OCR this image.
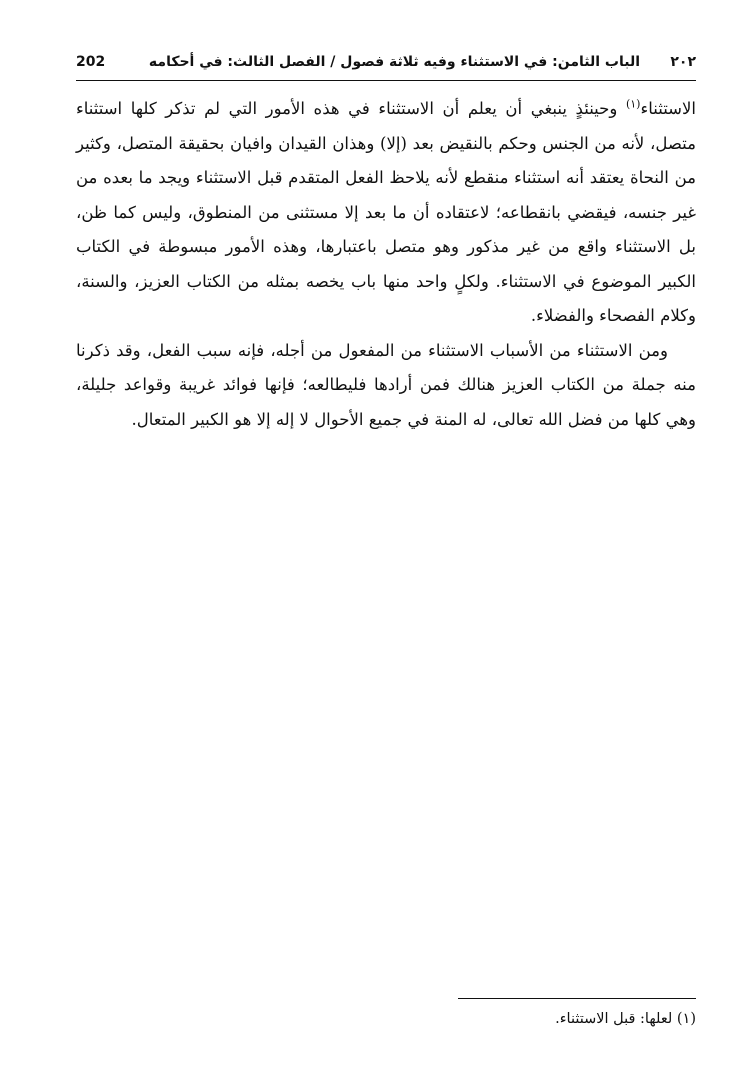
202	الباب الثامن: في الاستثناء وفيه ثلاثة فصول / الفصل الثالث: في أحكامه ٢٠٢

الاستثناء$^{(١)}$ وحينئذٍ ينبغي أن يعلم أن الاستثناء في هذه الأمور التي لم تذكر كلها استثناء متصل، لأنه من الجنس وحكم بالنقيض بعد (إلا) وهذان القيدان وافيان بحقيقة المتصل، وكثير من النحاة يعتقد أنه استثناء منقطع لأنه يلاحظ الفعل المتقدم قبل الاستثناء ويجد ما بعده من غير جنسه، فيقضي بانقطاعه؛ لاعتقاده أن ما بعد إلا مستثنى من المنطوق، وليس كما ظن، بل الاستثناء واقع من غير مذكور وهو متصل باعتبارها، وهذه الأمور مبسوطة في الكتاب الكبير الموضوع في الاستثناء. ولكلٍ واحد منها باب يخصه بمثله من الكتاب العزيز، والسنة، وكلام الفصحاء والفضلاء.

ومن الاستثناء من الأسباب الاستثناء من المفعول من أجله، فإنه سبب الفعل، وقد ذكرنا منه جملة من الكتاب العزيز هنالك فمن أرادها فليطالعه؛ فإنها فوائد غريبة وقواعد جليلة، وهي كلها من فضل الله تعالى، له المنة في جميع الأحوال لا إله إلا هو الكبير المتعال.

(١) لعلها: قبل الاستثناء.
